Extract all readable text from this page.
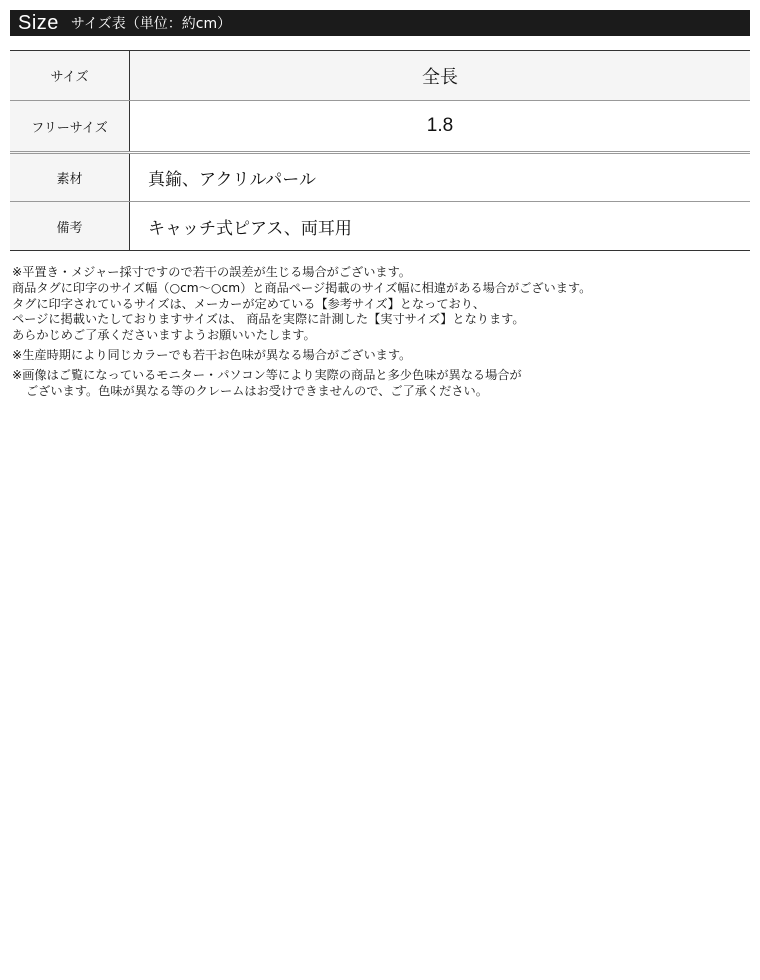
Size サイズ表（単位：約cm）
サイズ	全長
フリーサイズ	1.8
素材	真鍮、アクリルパール
備考	キャッチ式ピアス、両耳用
※平置き・メジャー採寸ですので若干の誤差が生じる場合がございます。
商品タグに印字のサイズ幅（○cm〜○cm）と商品ページ掲載のサイズ幅に相違がある場合がございます。
タグに印字されているサイズは、メーカーが定めている【参考サイズ】となっており、
ページに掲載いたしておりますサイズは、 商品を実際に計測した【実寸サイズ】となります。
あらかじめご了承くださいますようお願いいたします。
※生産時期により同じカラーでも若干お色味が異なる場合がございます。
※画像はご覧になっているモニター・パソコン等により実際の商品と多少色味が異なる場合が
ございます。色味が異なる等のクレームはお受けできませんので、ご了承ください。
